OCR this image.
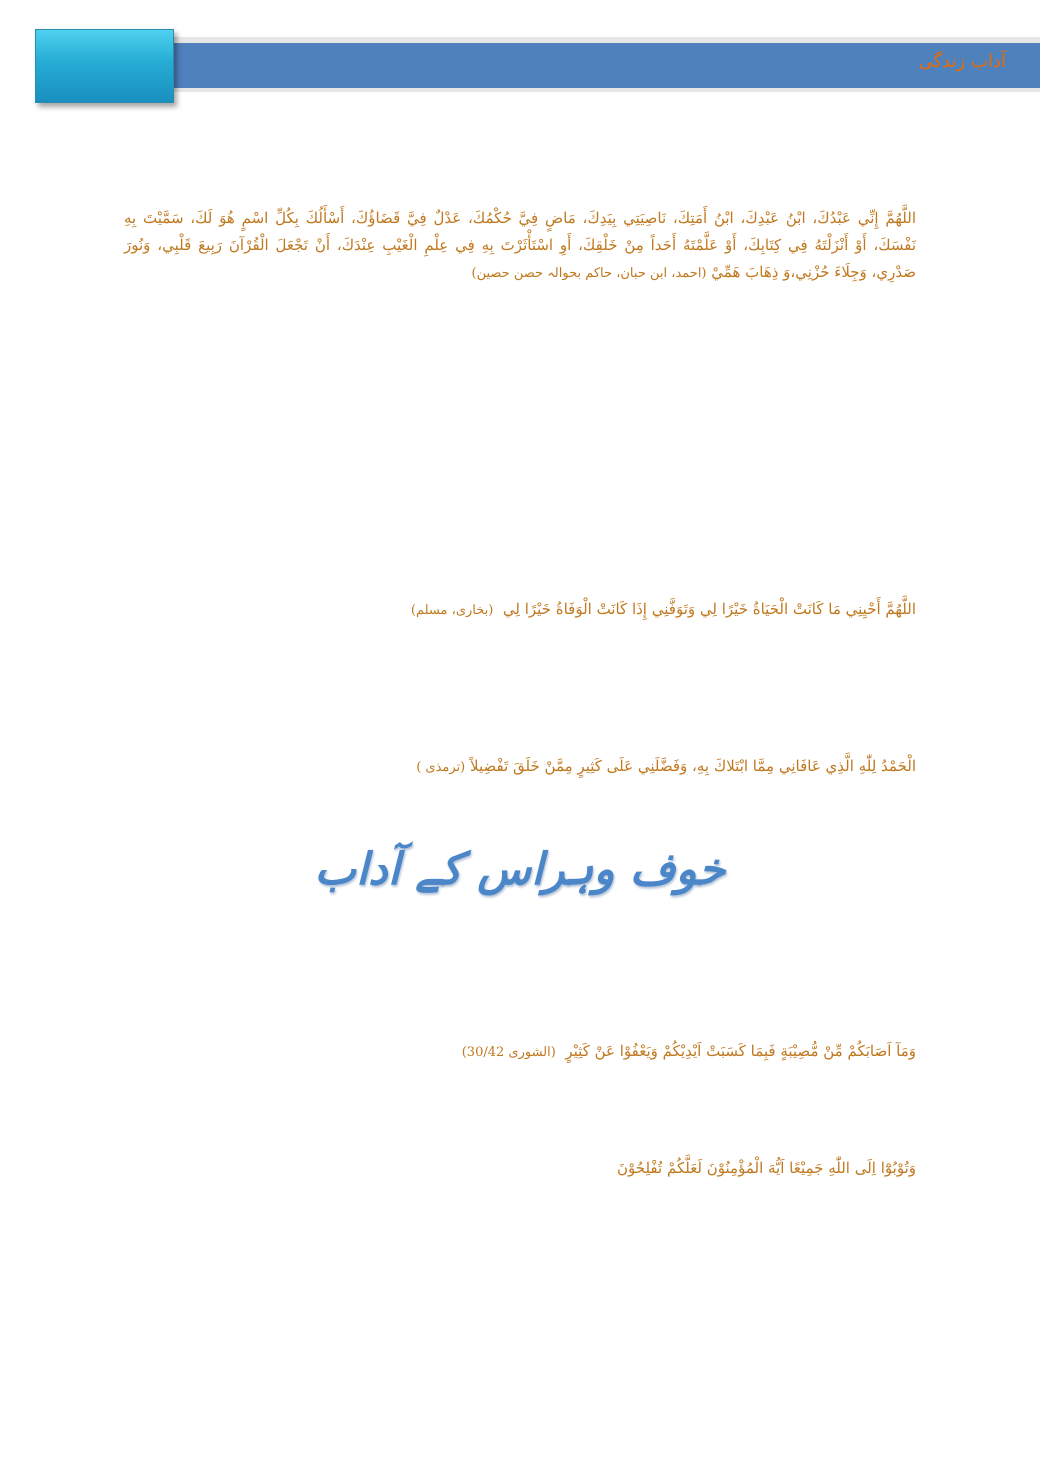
آداب زندگی
اللَّهُمَّ إِنِّي عَبْدُكَ، ابْنُ عَبْدِكَ، ابْنُ أَمَتِكَ، نَاصِيَتِي بِيَدِكَ، مَاضٍ فِيَّ حُكْمُكَ، عَدْلٌ فِيَّ قَضَاؤُكَ، أَسْأَلُكَ بِكُلِّ اسْمٍ هُوَ لَكَ، سَمَّيْتَ بِهِ نَفْسَكَ، أَوْ أَنْزَلْتَهُ فِي كِتَابِكَ، أَوْ عَلَّمْتَهُ أَحَداً مِنْ خَلْقِكَ، أَوِ اسْتَأْثَرْتَ بِهِ فِي عِلْمِ الْغَيْبِ عِنْدَكَ، أَنْ تَجْعَلَ الْقُرْآنَ رَبِيعَ قَلْبِي، وَنُورَ صَدْرِي، وَجِلَاءَ حُزْنِي،وَ ذِهَابَ هَمِّيْ (احمد، ابن حبان، حاکم بحوالہ حصن حصین)
اللَّهُمَّ أَحْيِنِي مَا كَانَتْ الْحَيَاةُ خَيْرًا لِي وَتَوَفَّنِي إِذَا كَانَتْ الْوَفَاةُ خَيْرًا لِي  (بخاری، مسلم)
الْحَمْدُ لِلّٰهِ الَّذِي عَافَانِي مِمَّا ابْتَلاكَ بِهِ، وَفَضَّلَنِي عَلَى كَثِيرٍ مِمَّنْ خَلَقَ تَفْضِيلاً (ترمذی )
خوف وہراس کے آداب
وَمَآ اَصَابَكُمْ مِّنْ مُّصِيْبَةٍ فَبِمَا كَسَبَتْ اَيْدِيْكُمْ وَيَعْفُوْا عَنْ كَثِيْرٍ  (الشوری 30/42)
وَتُوْبُوْٓا اِلَى اللّٰهِ جَمِيْعًا اَيُّهَ الْمُؤْمِنُوْنَ لَعَلَّكُمْ تُفْلِحُوْنَ
